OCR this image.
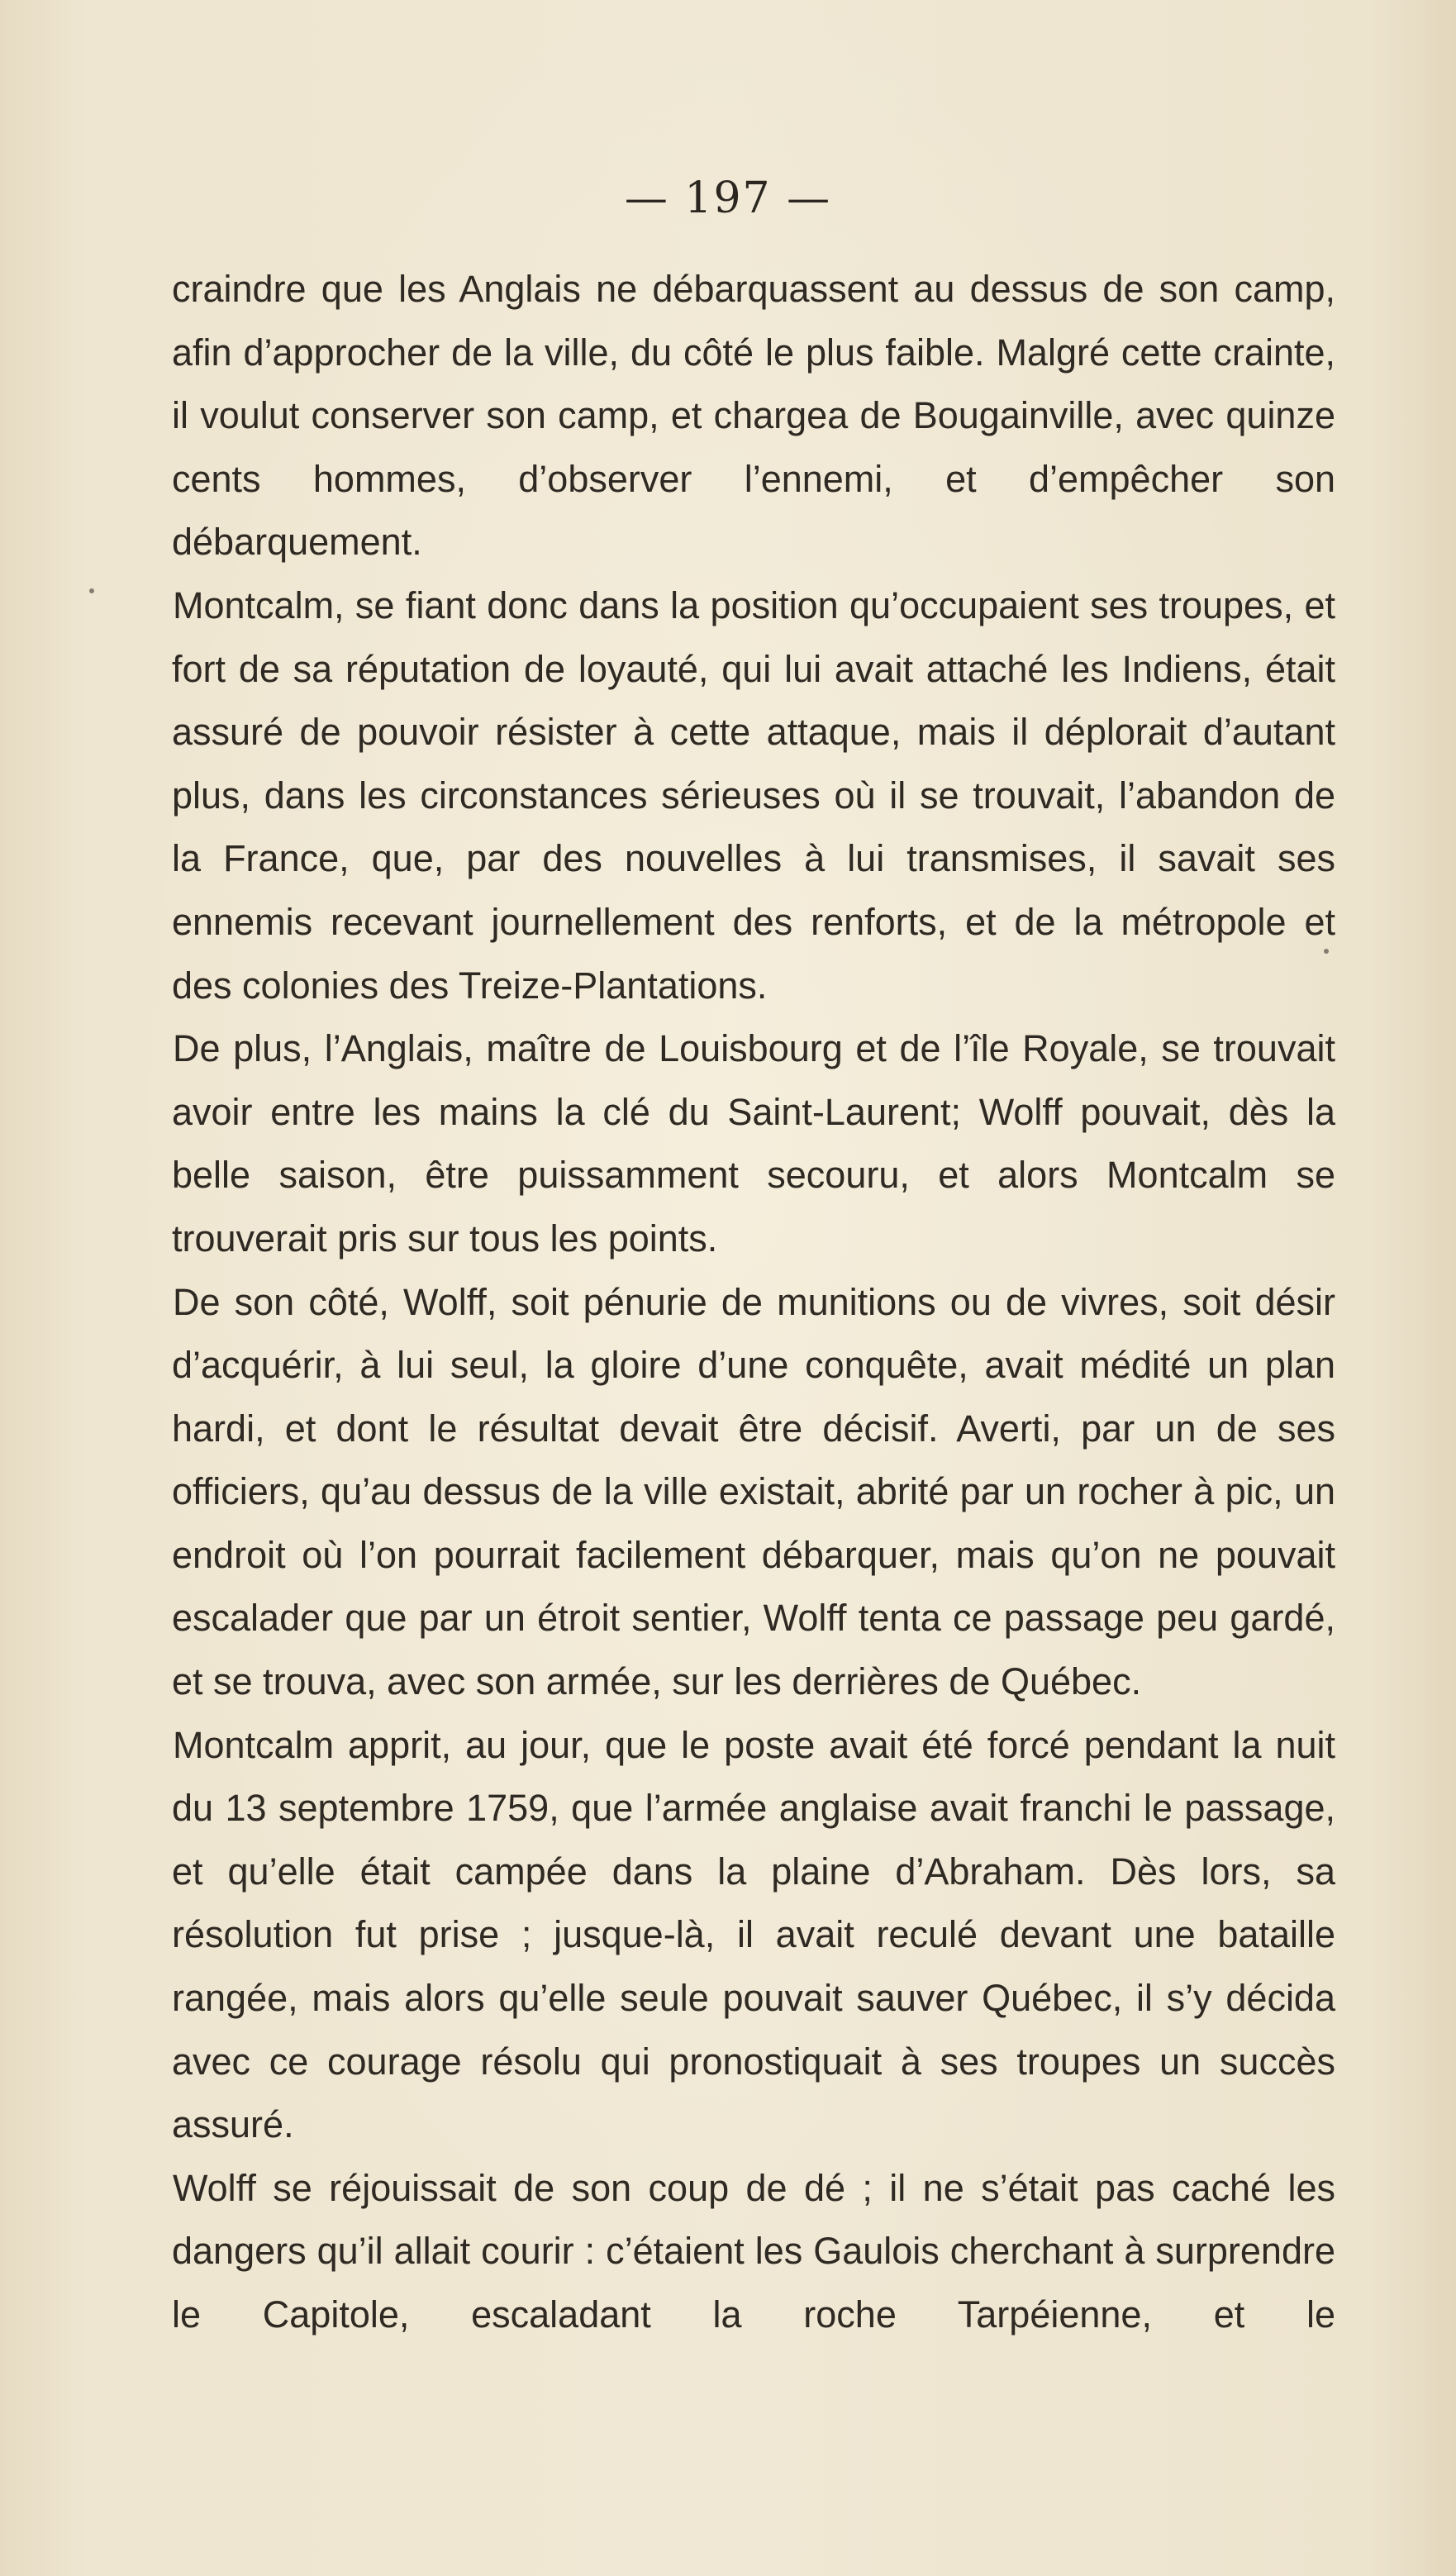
— 197 —

craindre que les Anglais ne débarquassent au dessus de son camp, afin d’approcher de la ville, du côté le plus faible. Malgré cette crainte, il voulut conserver son camp, et chargea de Bougainville, avec quinze cents hommes, d’observer l’ennemi, et d’empêcher son débarquement.

Montcalm, se fiant donc dans la position qu’occupaient ses troupes, et fort de sa réputation de loyauté, qui lui avait attaché les Indiens, était assuré de pouvoir résister à cette attaque, mais il déplorait d’autant plus, dans les circonstances sérieuses où il se trouvait, l’abandon de la France, que, par des nouvelles à lui transmises, il savait ses ennemis recevant journellement des renforts, et de la métropole et des colonies des Treize-Plantations.

De plus, l’Anglais, maître de Louisbourg et de l’île Royale, se trouvait avoir entre les mains la clé du Saint-Laurent; Wolff pouvait, dès la belle saison, être puissamment secouru, et alors Montcalm se trouverait pris sur tous les points.

De son côté, Wolff, soit pénurie de munitions ou de vivres, soit désir d’acquérir, à lui seul, la gloire d’une conquête, avait médité un plan hardi, et dont le résultat devait être décisif. Averti, par un de ses officiers, qu’au dessus de la ville existait, abrité par un rocher à pic, un endroit où l’on pourrait facilement débarquer, mais qu’on ne pouvait escalader que par un étroit sentier, Wolff tenta ce passage peu gardé, et se trouva, avec son armée, sur les derrières de Québec.

Montcalm apprit, au jour, que le poste avait été forcé pendant la nuit du 13 septembre 1759, que l’armée anglaise avait franchi le passage, et qu’elle était campée dans la plaine d’Abraham. Dès lors, sa résolution fut prise ; jusque-là, il avait reculé devant une bataille rangée, mais alors qu’elle seule pouvait sauver Québec, il s’y décida avec ce courage résolu qui pronostiquait à ses troupes un succès assuré.

Wolff se réjouissait de son coup de dé ; il ne s’était pas caché les dangers qu’il allait courir : c’étaient les Gaulois cherchant à surprendre le Capitole, escaladant la roche Tarpéienne, et le
